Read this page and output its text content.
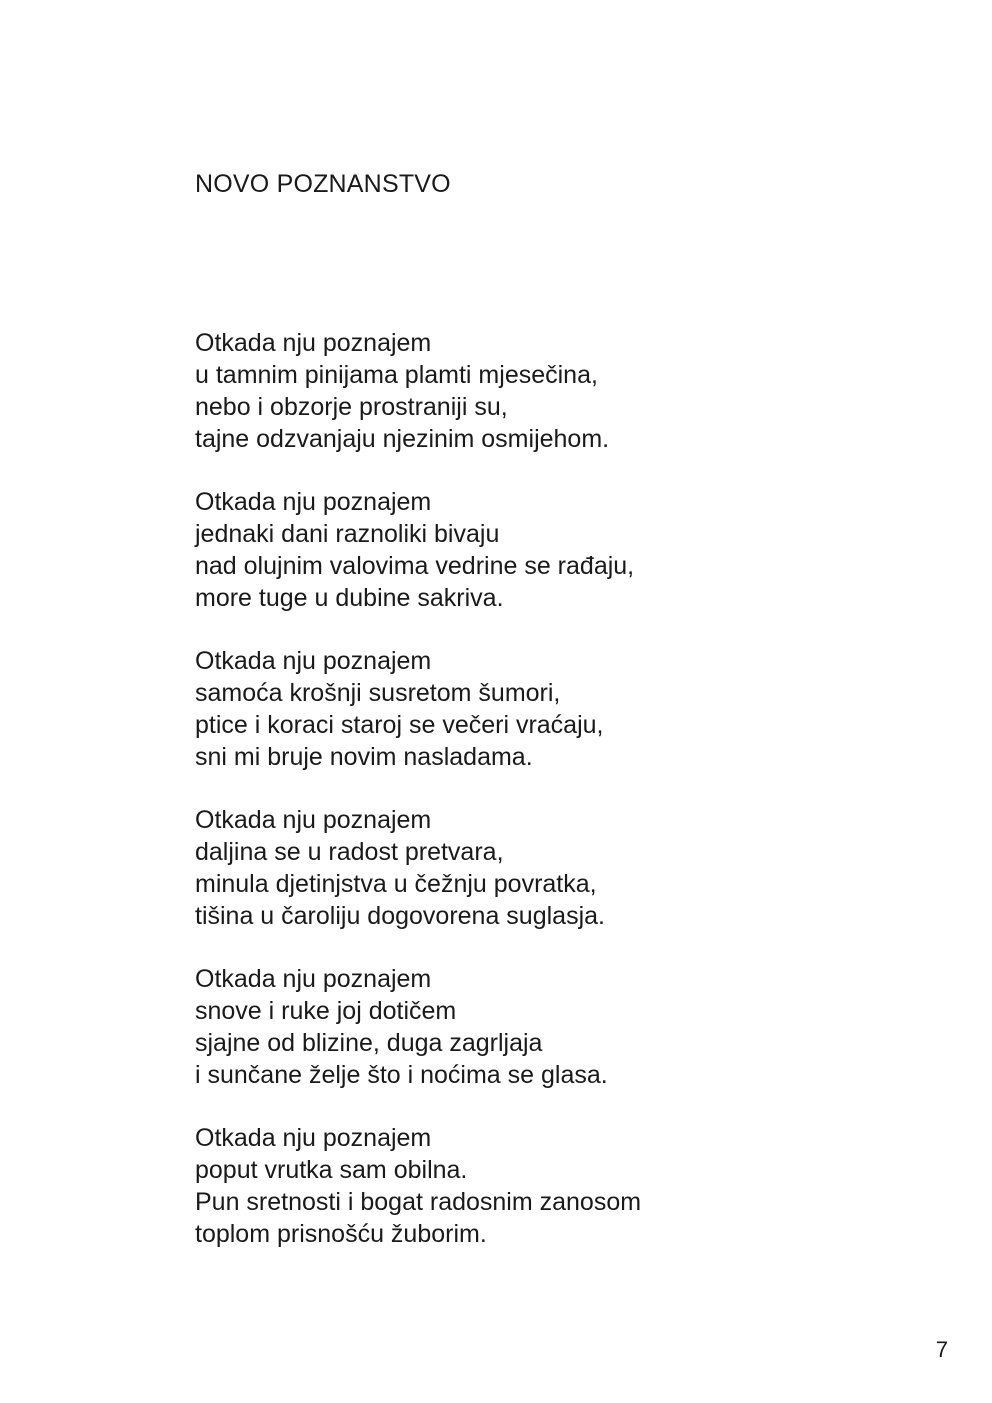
NOVO POZNANSTVO
Otkada nju poznajem
u tamnim pinijama plamti mjesečina,
nebo i obzorje prostraniji su,
tajne odzvanjaju njezinim osmijehom.
Otkada nju poznajem
jednaki dani raznoliki bivaju
nad olujnim valovima vedrine se rađaju,
more tuge u dubine sakriva.
Otkada nju poznajem
samoća krošnji susretom šumori,
ptice i koraci staroj se večeri vraćaju,
sni mi bruje novim nasladama.
Otkada nju poznajem
daljina se u radost pretvara,
minula djetinjstva u čežnju povratka,
tišina u čaroliju dogovorena suglasja.
Otkada nju poznajem
snove i ruke joj dotičem
sjajne od blizine, duga zagrljaja
i sunčane želje što i noćima se glasa.
Otkada nju poznajem
poput vrutka sam obilna.
Pun sretnosti i bogat radosnim zanosom
toplom prisnošću žuborim.
7
